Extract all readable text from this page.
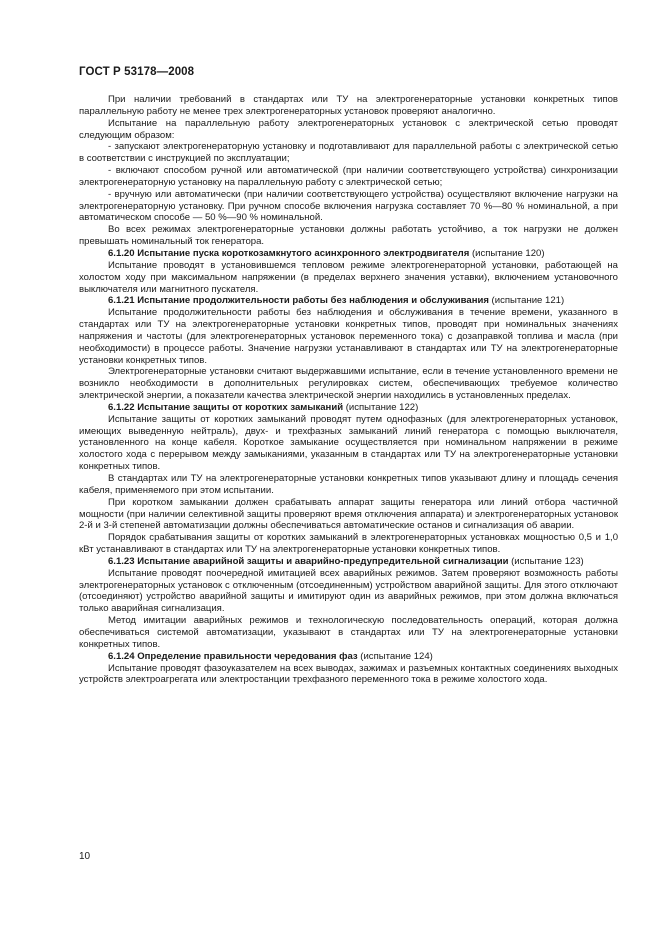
ГОСТ Р 53178—2008

При наличии требований в стандартах или ТУ на электрогенераторные установки конкретных типов параллельную работу не менее трех электрогенераторных установок проверяют аналогично.

Испытание на параллельную работу электрогенераторных установок с электрической сетью проводят следующим образом:

- запускают электрогенераторную установку и подготавливают для параллельной работы с электрической сетью в соответствии с инструкцией по эксплуатации;

- включают способом ручной или автоматической (при наличии соответствующего устройства) синхронизации электрогенераторную установку на параллельную работу с электрической сетью;

- вручную или автоматически (при наличии соответствующего устройства) осуществляют включение нагрузки на электрогенераторную установку. При ручном способе включения нагрузка составляет 70 %—80 % номинальной, а при автоматическом способе — 50 %—90 % номинальной.

Во всех режимах электрогенераторные установки должны работать устойчиво, а ток нагрузки не должен превышать номинальный ток генератора.

6.1.20 Испытание пуска короткозамкнутого асинхронного электродвигателя (испытание 120)

Испытание проводят в установившемся тепловом режиме электрогенераторной установки, работающей на холостом ходу при максимальном напряжении (в пределах верхнего значения уставки), включением установочного выключателя или магнитного пускателя.

6.1.21 Испытание продолжительности работы без наблюдения и обслуживания (испытание 121)

Испытание продолжительности работы без наблюдения и обслуживания в течение времени, указанного в стандартах или ТУ на электрогенераторные установки конкретных типов, проводят при номинальных значениях напряжения и частоты (для электрогенераторных установок переменного тока) с дозаправкой топлива и масла (при необходимости) в процессе работы. Значение нагрузки устанавливают в стандартах или ТУ на электрогенераторные установки конкретных типов.

Электрогенераторные установки считают выдержавшими испытание, если в течение установленного времени не возникло необходимости в дополнительных регулировках систем, обеспечивающих требуемое количество электрической энергии, а показатели качества электрической энергии находились в установленных пределах.

6.1.22 Испытание защиты от коротких замыканий (испытание 122)

Испытание защиты от коротких замыканий проводят путем однофазных (для электрогенераторных установок, имеющих выведенную нейтраль), двух- и трехфазных замыканий линий генератора с помощью выключателя, установленного на конце кабеля. Короткое замыкание осуществляется при номинальном напряжении в режиме холостого хода с перерывом между замыканиями, указанным в стандартах или ТУ на электрогенераторные установки конкретных типов.

В стандартах или ТУ на электрогенераторные установки конкретных типов указывают длину и площадь сечения кабеля, применяемого при этом испытании.

При коротком замыкании должен срабатывать аппарат защиты генератора или линий отбора частичной мощности (при наличии селективной защиты проверяют время отключения аппарата) и электрогенераторных установок 2-й и 3-й степеней автоматизации должны обеспечиваться автоматические останов и сигнализация об аварии.

Порядок срабатывания защиты от коротких замыканий в электрогенераторных установках мощностью 0,5 и 1,0 кВт устанавливают в стандартах или ТУ на электрогенераторные установки конкретных типов.

6.1.23 Испытание аварийной защиты и аварийно-предупредительной сигнализации (испытание 123)

Испытание проводят поочередной имитацией всех аварийных режимов. Затем проверяют возможность работы электрогенераторных установок с отключенным (отсоединенным) устройством аварийной защиты. Для этого отключают (отсоединяют) устройство аварийной защиты и имитируют один из аварийных режимов, при этом должна включаться только аварийная сигнализация.

Метод имитации аварийных режимов и технологическую последовательность операций, которая должна обеспечиваться системой автоматизации, указывают в стандартах или ТУ на электрогенераторные установки конкретных типов.

6.1.24 Определение правильности чередования фаз (испытание 124)

Испытание проводят фазоуказателем на всех выводах, зажимах и разъемных контактных соединениях выходных устройств электроагрегата или электростанции трехфазного переменного тока в режиме холостого хода.

10
